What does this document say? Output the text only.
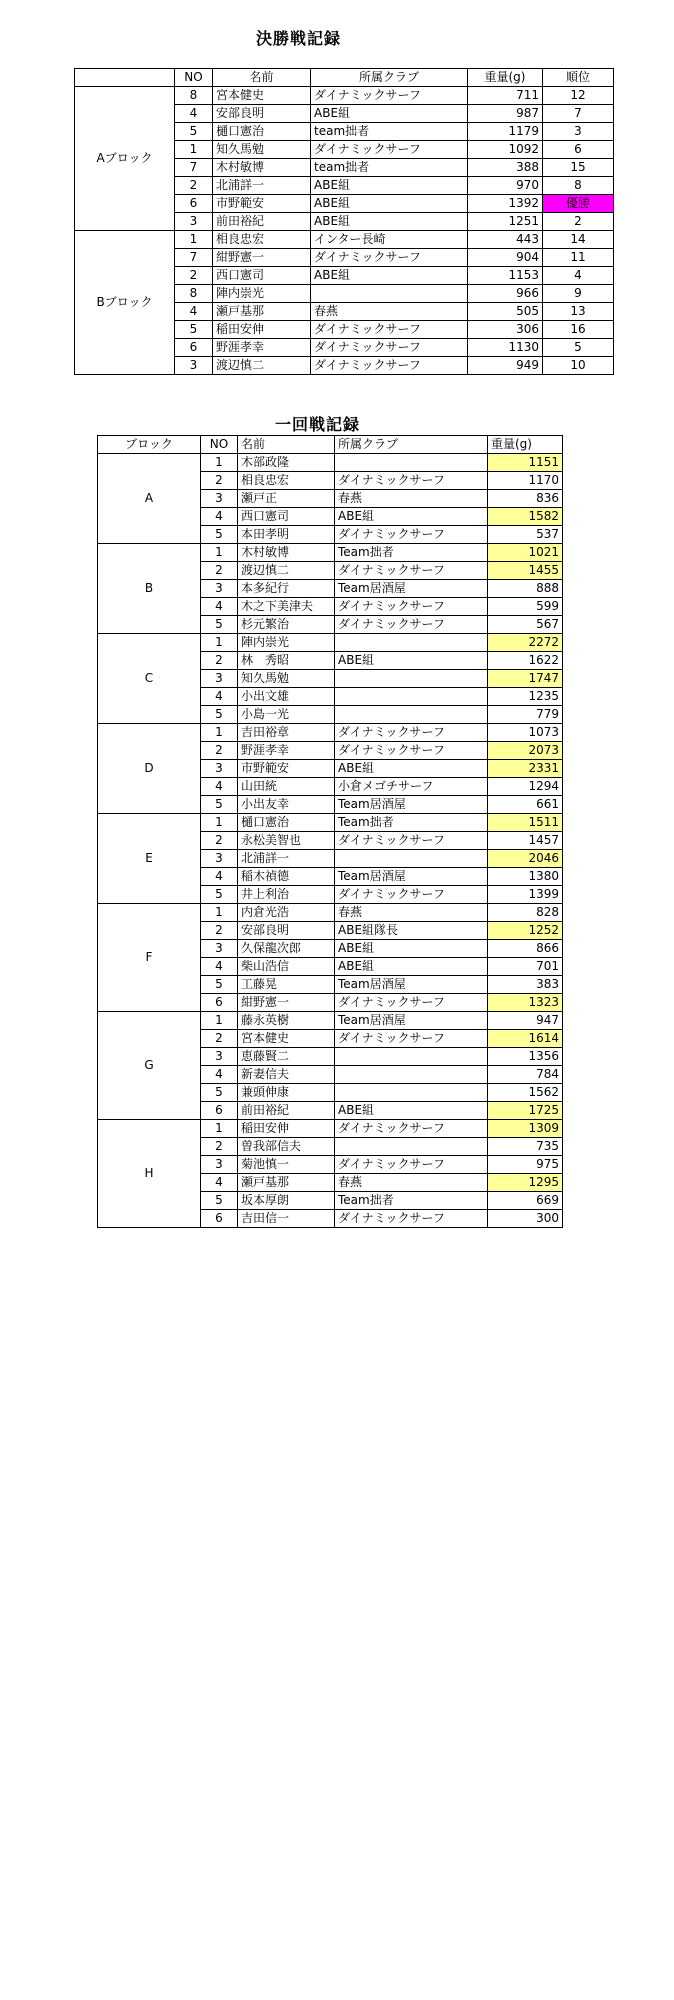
決勝戦記録
	NO	名前	所属クラブ	重量(g)	順位
Aブロック	8	宮本健史	ダイナミックサーフ	711	12
	4	安部良明	ABE組	987	7
	5	樋口憲治	team拙者	1179	3
	1	知久馬勉	ダイナミックサーフ	1092	6
	7	木村敏博	team拙者	388	15
	2	北浦詳一	ABE組	970	8
	6	市野範安	ABE組	1392	優勝
	3	前田裕紀	ABE組	1251	2
Bブロック	1	相良忠宏	インター長崎	443	14
	7	紺野憲一	ダイナミックサーフ	904	11
	2	西口憲司	ABE組	1153	4
	8	陣内崇光		966	9
	4	瀬戸基那	春燕	505	13
	5	稲田安伸	ダイナミックサーフ	306	16
	6	野涯孝幸	ダイナミックサーフ	1130	5
	3	渡辺慎二	ダイナミックサーフ	949	10
一回戦記録
ブロック	NO	名前	所属クラブ	重量(g)
A	1	木部政隆		1151
	2	相良忠宏	ダイナミックサーフ	1170
	3	瀬戸正	春燕	836
	4	西口憲司	ABE組	1582
	5	本田孝明	ダイナミックサーフ	537
B	1	木村敏博	Team拙者	1021
	2	渡辺慎二	ダイナミックサーフ	1455
	3	本多紀行	Team居酒屋	888
	4	木之下美津夫	ダイナミックサーフ	599
	5	杉元繁治	ダイナミックサーフ	567
C	1	陣内崇光		2272
	2	林　秀昭	ABE組	1622
	3	知久馬勉		1747
	4	小出文雄		1235
	5	小島一光		779
D	1	吉田裕章	ダイナミックサーフ	1073
	2	野涯孝幸	ダイナミックサーフ	2073
	3	市野範安	ABE組	2331
	4	山田統	小倉メゴチサーフ	1294
	5	小出友幸	Team居酒屋	661
E	1	樋口憲治	Team拙者	1511
	2	永松美智也	ダイナミックサーフ	1457
	3	北浦詳一		2046
	4	稲木禎德	Team居酒屋	1380
	5	井上利治	ダイナミックサーフ	1399
F	1	内倉光浩	春燕	828
	2	安部良明	ABE組隊長	1252
	3	久保龍次郎	ABE組	866
	4	柴山浩信	ABE組	701
	5	工藤晃	Team居酒屋	383
	6	紺野憲一	ダイナミックサーフ	1323
G	1	藤永英樹	Team居酒屋	947
	2	宮本健史	ダイナミックサーフ	1614
	3	恵藤賢二		1356
	4	新妻信夫		784
	5	兼頭伸康		1562
	6	前田裕紀	ABE組	1725
H	1	稲田安伸	ダイナミックサーフ	1309
	2	曽我部信夫		735
	3	菊池慎一	ダイナミックサーフ	975
	4	瀬戸基那	春燕	1295
	5	坂本厚朗	Team拙者	669
	6	吉田信一	ダイナミックサーフ	300
